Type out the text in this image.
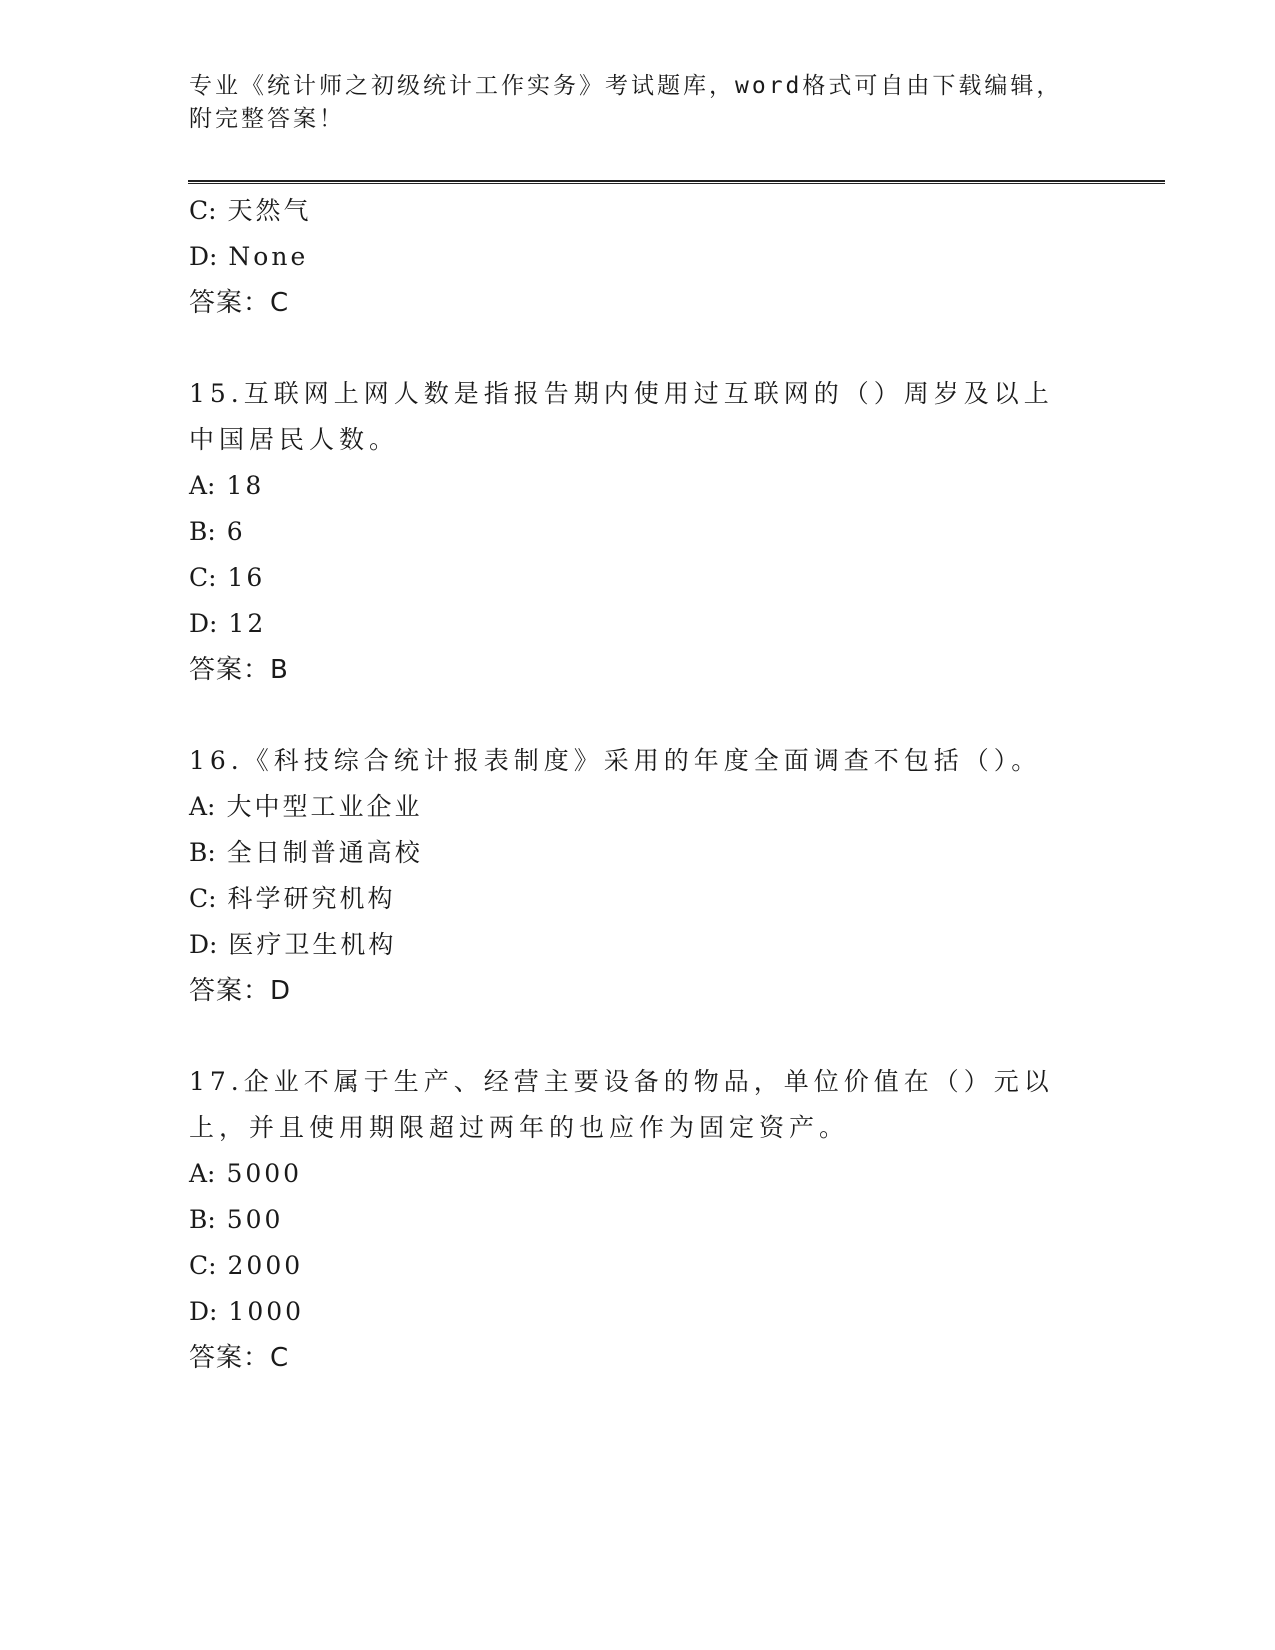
专业《统计师之初级统计工作实务》考试题库，word格式可自由下载编辑，附完整答案！
C: 天然气
D: None
答案：C
15.互联网上网人数是指报告期内使用过互联网的（）周岁及以上中国居民人数。
A: 18
B: 6
C: 16
D: 12
答案：B
16.《科技综合统计报表制度》采用的年度全面调查不包括（）。
A: 大中型工业企业
B: 全日制普通高校
C: 科学研究机构
D: 医疗卫生机构
答案：D
17.企业不属于生产、经营主要设备的物品，单位价值在（）元以上，并且使用期限超过两年的也应作为固定资产。
A: 5000
B: 500
C: 2000
D: 1000
答案：C
